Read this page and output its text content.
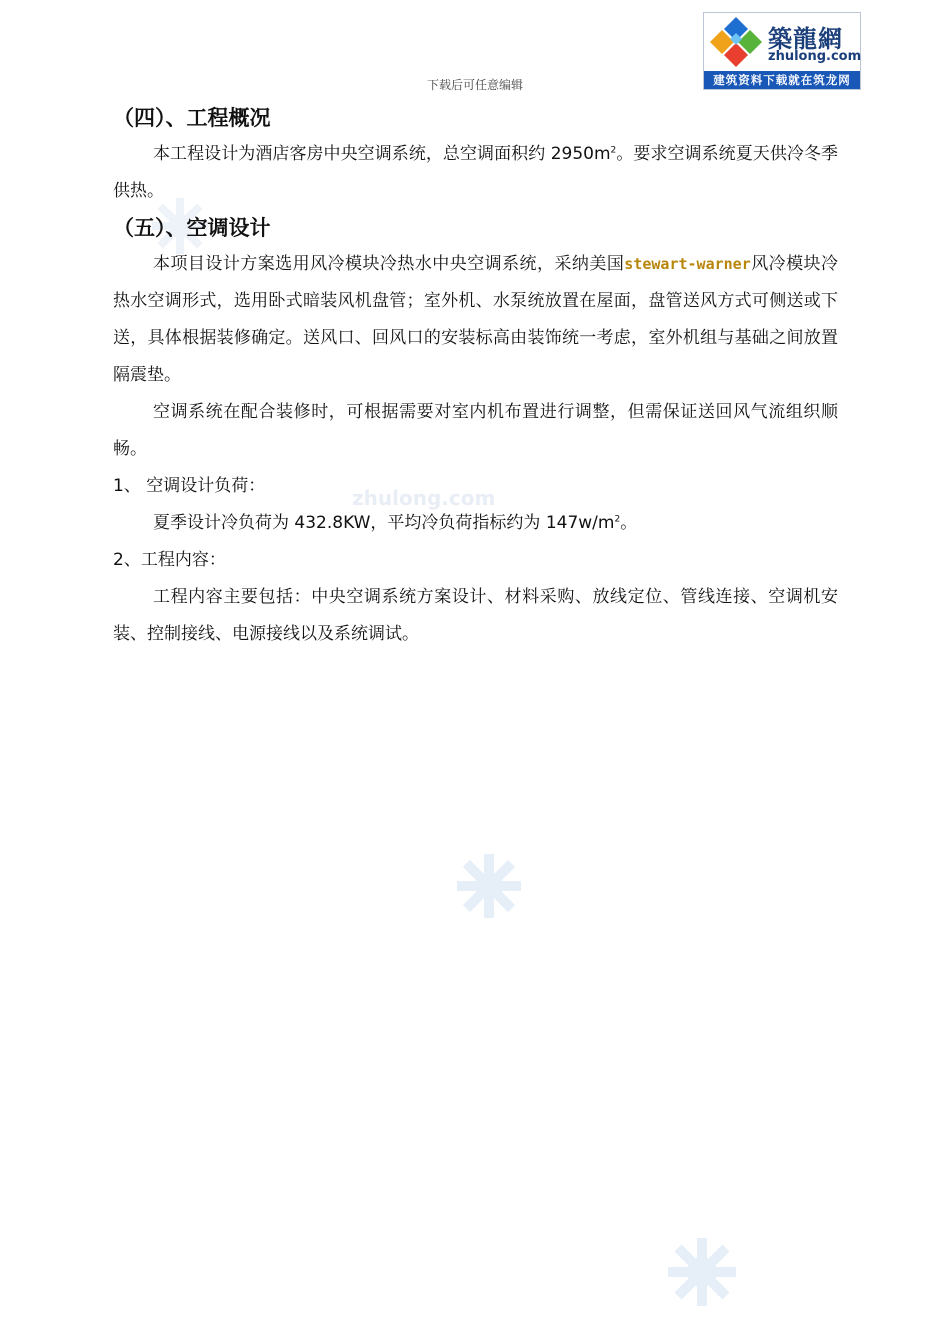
zhulong.com
下载后可任意编辑
築龍網
zhulong.com
建筑资料下载就在筑龙网
（四）、工程概况

本工程设计为酒店客房中央空调系统，总空调面积约 $2950m^2$。要求空调系统夏天供冷冬季供热。

（五）、空调设计

本项目设计方案选用风冷模块冷热水中央空调系统，采纳美国stewart-warner风冷模块冷热水空调形式，选用卧式暗装风机盘管；室外机、水泵统放置在屋面，盘管送风方式可侧送或下送，具体根据装修确定。送风口、回风口的安装标高由装饰统一考虑，室外机组与基础之间放置隔震垫。

空调系统在配合装修时，可根据需要对室内机布置进行调整，但需保证送回风气流组织顺畅。

1、 空调设计负荷：

夏季设计冷负荷为 432.8KW，平均冷负荷指标约为 $147w/m^2$。

2、工程内容：

工程内容主要包括：中央空调系统方案设计、材料采购、放线定位、管线连接、空调机安装、控制接线、电源接线以及系统调试。
